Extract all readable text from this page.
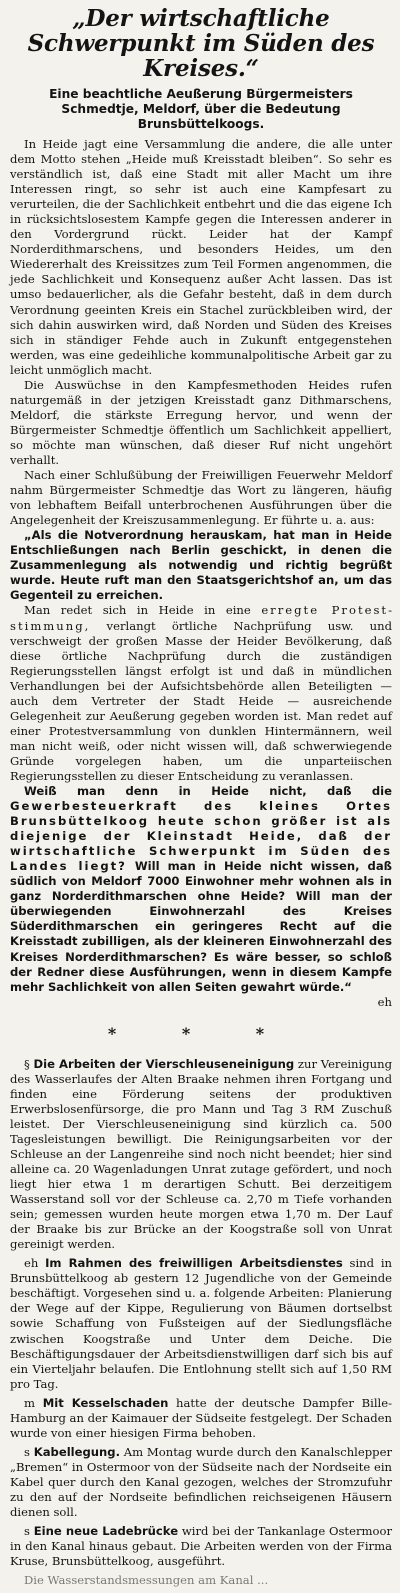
„Der wirtschaftliche Schwerpunkt im Süden des Kreises.“

Eine beachtliche Aeußerung Bürgermeisters Schmedtje, Meldorf, über die Bedeutung Brunsbüttelkoogs.

In Heide jagt eine Versammlung die andere, die alle unter dem Motto stehen „Heide muß Kreisstadt bleiben“. So sehr es verständlich ist, daß eine Stadt mit aller Macht um ihre Interessen ringt, so sehr ist auch eine Kampfesart zu verurteilen, die der Sachlichkeit entbehrt und die das eigene Ich in rücksichtslosestem Kampfe gegen die Interessen anderer in den Vordergrund rückt. Leider hat der Kampf Norderdithmarschens, und besonders Heides, um den Wiedererhalt des Kreissitzes zum Teil Formen angenommen, die jede Sachlichkeit und Konsequenz außer Acht lassen. Das ist umso bedauerlicher, als die Gefahr besteht, daß in dem durch Verordnung geeinten Kreis ein Stachel zurückbleiben wird, der sich dahin auswirken wird, daß Norden und Süden des Kreises sich in ständiger Fehde auch in Zukunft entgegenstehen werden, was eine gedeihliche kommunalpolitische Arbeit gar zu leicht unmöglich macht.

Die Auswüchse in den Kampfesmethoden Heides rufen naturgemäß in der jetzigen Kreisstadt ganz Dithmarschens, Meldorf, die stärkste Erregung hervor, und wenn der Bürgermeister Schmedtje öffentlich um Sachlichkeit appelliert, so möchte man wünschen, daß dieser Ruf nicht ungehört verhallt.

Nach einer Schlußübung der Freiwilligen Feuerwehr Meldorf nahm Bürgermeister Schmedtje das Wort zu längeren, häufig von lebhaftem Beifall unterbrochenen Ausführungen über die Angelegenheit der Kreiszusammenlegung. Er führte u. a. aus:

„Als die Notverordnung herauskam, hat man in Heide Entschließungen nach Berlin geschickt, in denen die Zusammenlegung als notwendig und richtig begrüßt wurde. Heute ruft man den Staatsgerichtshof an, um das Gegenteil zu erreichen.

Man redet sich in Heide in eine erregte Proteststimmung, verlangt örtliche Nachprüfung usw. und verschweigt der großen Masse der Heider Bevölkerung, daß diese örtliche Nachprüfung durch die zuständigen Regierungsstellen längst erfolgt ist und daß in mündlichen Verhandlungen bei der Aufsichtsbehörde allen Beteiligten — auch dem Vertreter der Stadt Heide — ausreichende Gelegenheit zur Aeußerung gegeben worden ist. Man redet auf einer Protestversammlung von dunklen Hintermännern, weil man nicht weiß, oder nicht wissen will, daß schwerwiegende Gründe vorgelegen haben, um die unparteiischen Regierungsstellen zu dieser Entscheidung zu veranlassen.

Weiß man denn in Heide nicht, daß die Gewerbesteuerkraft des kleines Ortes Brunsbüttelkoog heute schon größer ist als diejenige der Kleinstadt Heide, daß der wirtschaftliche Schwerpunkt im Süden des Landes liegt? Will man in Heide nicht wissen, daß südlich von Meldorf 7000 Einwohner mehr wohnen als in ganz Norderdithmarschen ohne Heide? Will man der überwiegenden Einwohnerzahl des Kreises Süderdithmarschen ein geringeres Recht auf die Kreisstadt zubilligen, als der kleineren Einwohnerzahl des Kreises Norderdithmarschen? Es wäre besser, so schloß der Redner diese Ausführungen, wenn in diesem Kampfe mehr Sachlichkeit von allen Seiten gewahrt würde.“

eh

* * *

§ Die Arbeiten der Vierschleuseneinigung zur Vereinigung des Wasserlaufes der Alten Braake nehmen ihren Fortgang und finden eine Förderung seitens der produktiven Erwerbslosenfürsorge, die pro Mann und Tag 3 RM Zuschuß leistet. Der Vierschleuseneinigung sind kürzlich ca. 500 Tagesleistungen bewilligt. Die Reinigungsarbeiten vor der Schleuse an der Langenreihe sind noch nicht beendet; hier sind alleine ca. 20 Wagenladungen Unrat zutage gefördert, und noch liegt hier etwa 1 m derartigen Schutt. Bei derzeitigem Wasserstand soll vor der Schleuse ca. 2,70 m Tiefe vorhanden sein; gemessen wurden heute morgen etwa 1,70 m. Der Lauf der Braake bis zur Brücke an der Koogstraße soll von Unrat gereinigt werden.

eh Im Rahmen des freiwilligen Arbeitsdienstes sind in Brunsbüttelkoog ab gestern 12 Jugendliche von der Gemeinde beschäftigt. Vorgesehen sind u. a. folgende Arbeiten: Planierung der Wege auf der Kippe, Regulierung von Bäumen dortselbst sowie Schaffung von Fußsteigen auf der Siedlungsfläche zwischen Koogstraße und Unter dem Deiche. Die Beschäftigungsdauer der Arbeitsdienstwilligen darf sich bis auf ein Vierteljahr belaufen. Die Entlohnung stellt sich auf 1,50 RM pro Tag.

m Mit Kesselschaden hatte der deutsche Dampfer Bille-Hamburg an der Kaimauer der Südseite festgelegt. Der Schaden wurde von einer hiesigen Firma behoben.

s Kabellegung. Am Montag wurde durch den Kanalschlepper „Bremen“ in Ostermoor von der Südseite nach der Nordseite ein Kabel quer durch den Kanal gezogen, welches der Stromzufuhr zu den auf der Nordseite befindlichen reichseigenen Häusern dienen soll.

s Eine neue Ladebrücke wird bei der Tankanlage Ostermoor in den Kanal hinaus gebaut. Die Arbeiten werden von der Firma Kruse, Brunsbüttelkoog, ausgeführt.

Die Wasserstandsmessungen am Kanal ...
